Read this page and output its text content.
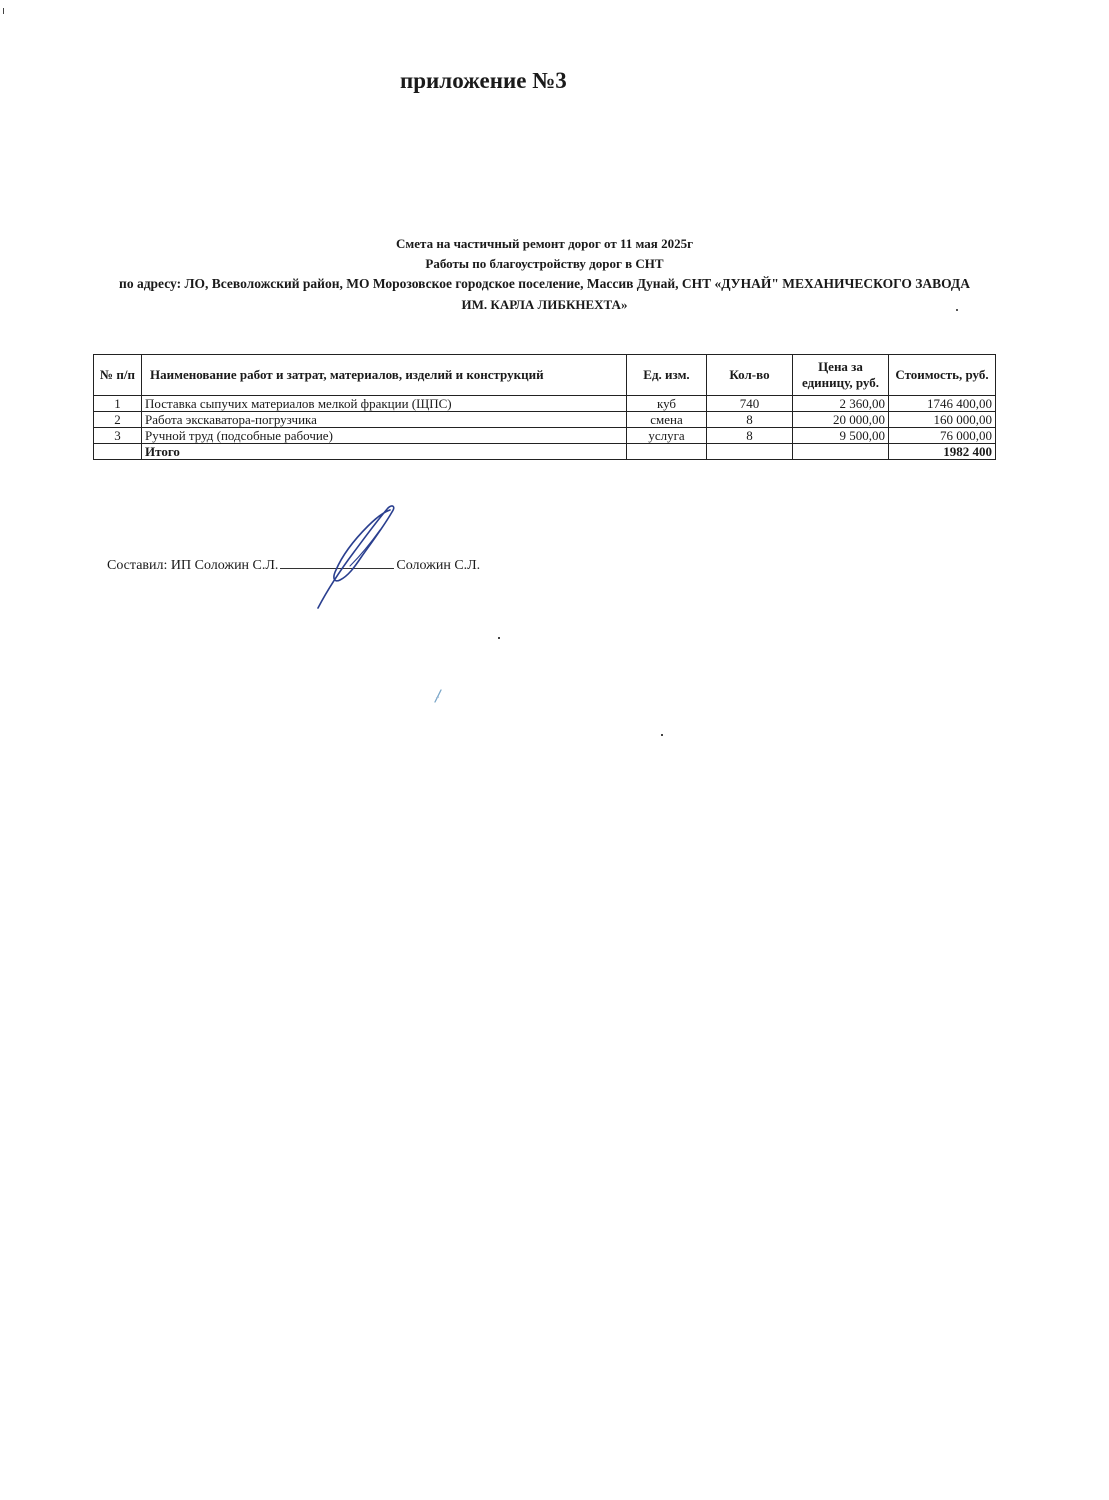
приложение №3
Смета на частичный ремонт дорог от 11 мая 2025г
Работы по благоустройству дорог в СНТ
по адресу: ЛО, Всеволожский район, МО Морозовское городское поселение, Массив Дунай, СНТ «ДУНАЙ" МЕХАНИЧЕСКОГО ЗАВОДА
ИМ. КАРЛА ЛИБКНЕХТА»
№ п/п	Наименование работ и затрат, материалов, изделий и конструкций	Ед. изм.	Кол-во	Цена за единицу, руб.	Стоимость, руб.
1	Поставка сыпучих материалов мелкой фракции (ЩПС)	куб	740	2 360,00	1746 400,00
2	Работа экскаватора-погрузчика	смена	8	20 000,00	160 000,00
3	Ручной труд (подсобные рабочие)	услуга	8	9 500,00	76 000,00
	Итого				1982 400
Составил: ИП Соложин С.Л.	Соложин С.Л.
